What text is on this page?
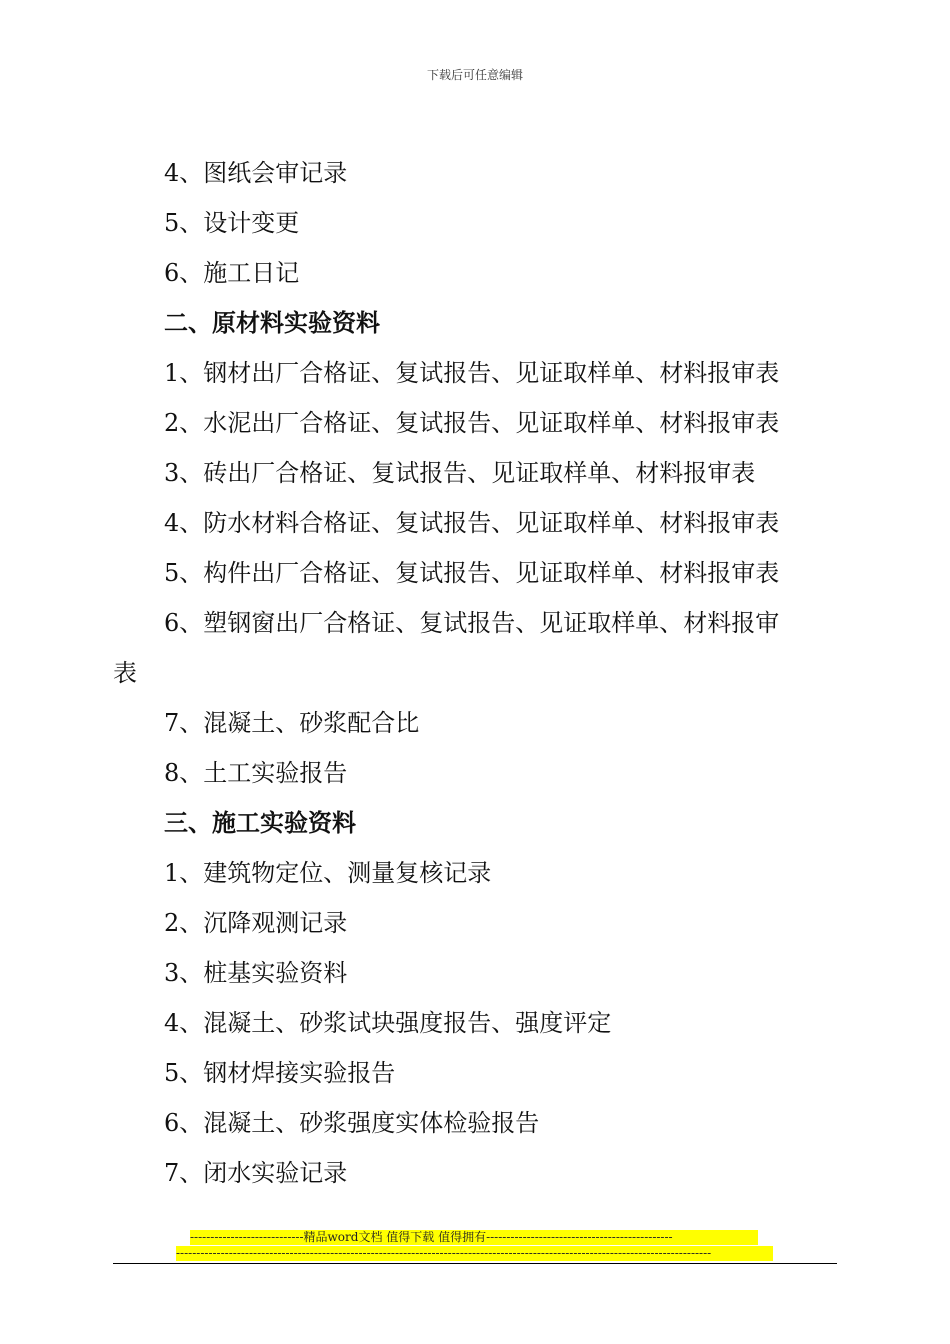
下载后可任意编辑
4、图纸会审记录
5、设计变更
6、施工日记
二、原材料实验资料
1、钢材出厂合格证、复试报告、见证取样单、材料报审表
2、水泥出厂合格证、复试报告、见证取样单、材料报审表
3、砖出厂合格证、复试报告、见证取样单、材料报审表
4、防水材料合格证、复试报告、见证取样单、材料报审表
5、构件出厂合格证、复试报告、见证取样单、材料报审表
6、塑钢窗出厂合格证、复试报告、见证取样单、材料报审
表
7、混凝土、砂浆配合比
8、土工实验报告
三、施工实验资料
1、建筑物定位、测量复核记录
2、沉降观测记录
3、桩基实验资料
4、混凝土、砂浆试块强度报告、强度评定
5、钢材焊接实验报告
6、混凝土、砂浆强度实体检验报告
7、闭水实验记录
----------------------------精品word文档 值得下载 值得拥有----------------------------------------------
------------------------------------------------------------------------------------------------------------------------------------
